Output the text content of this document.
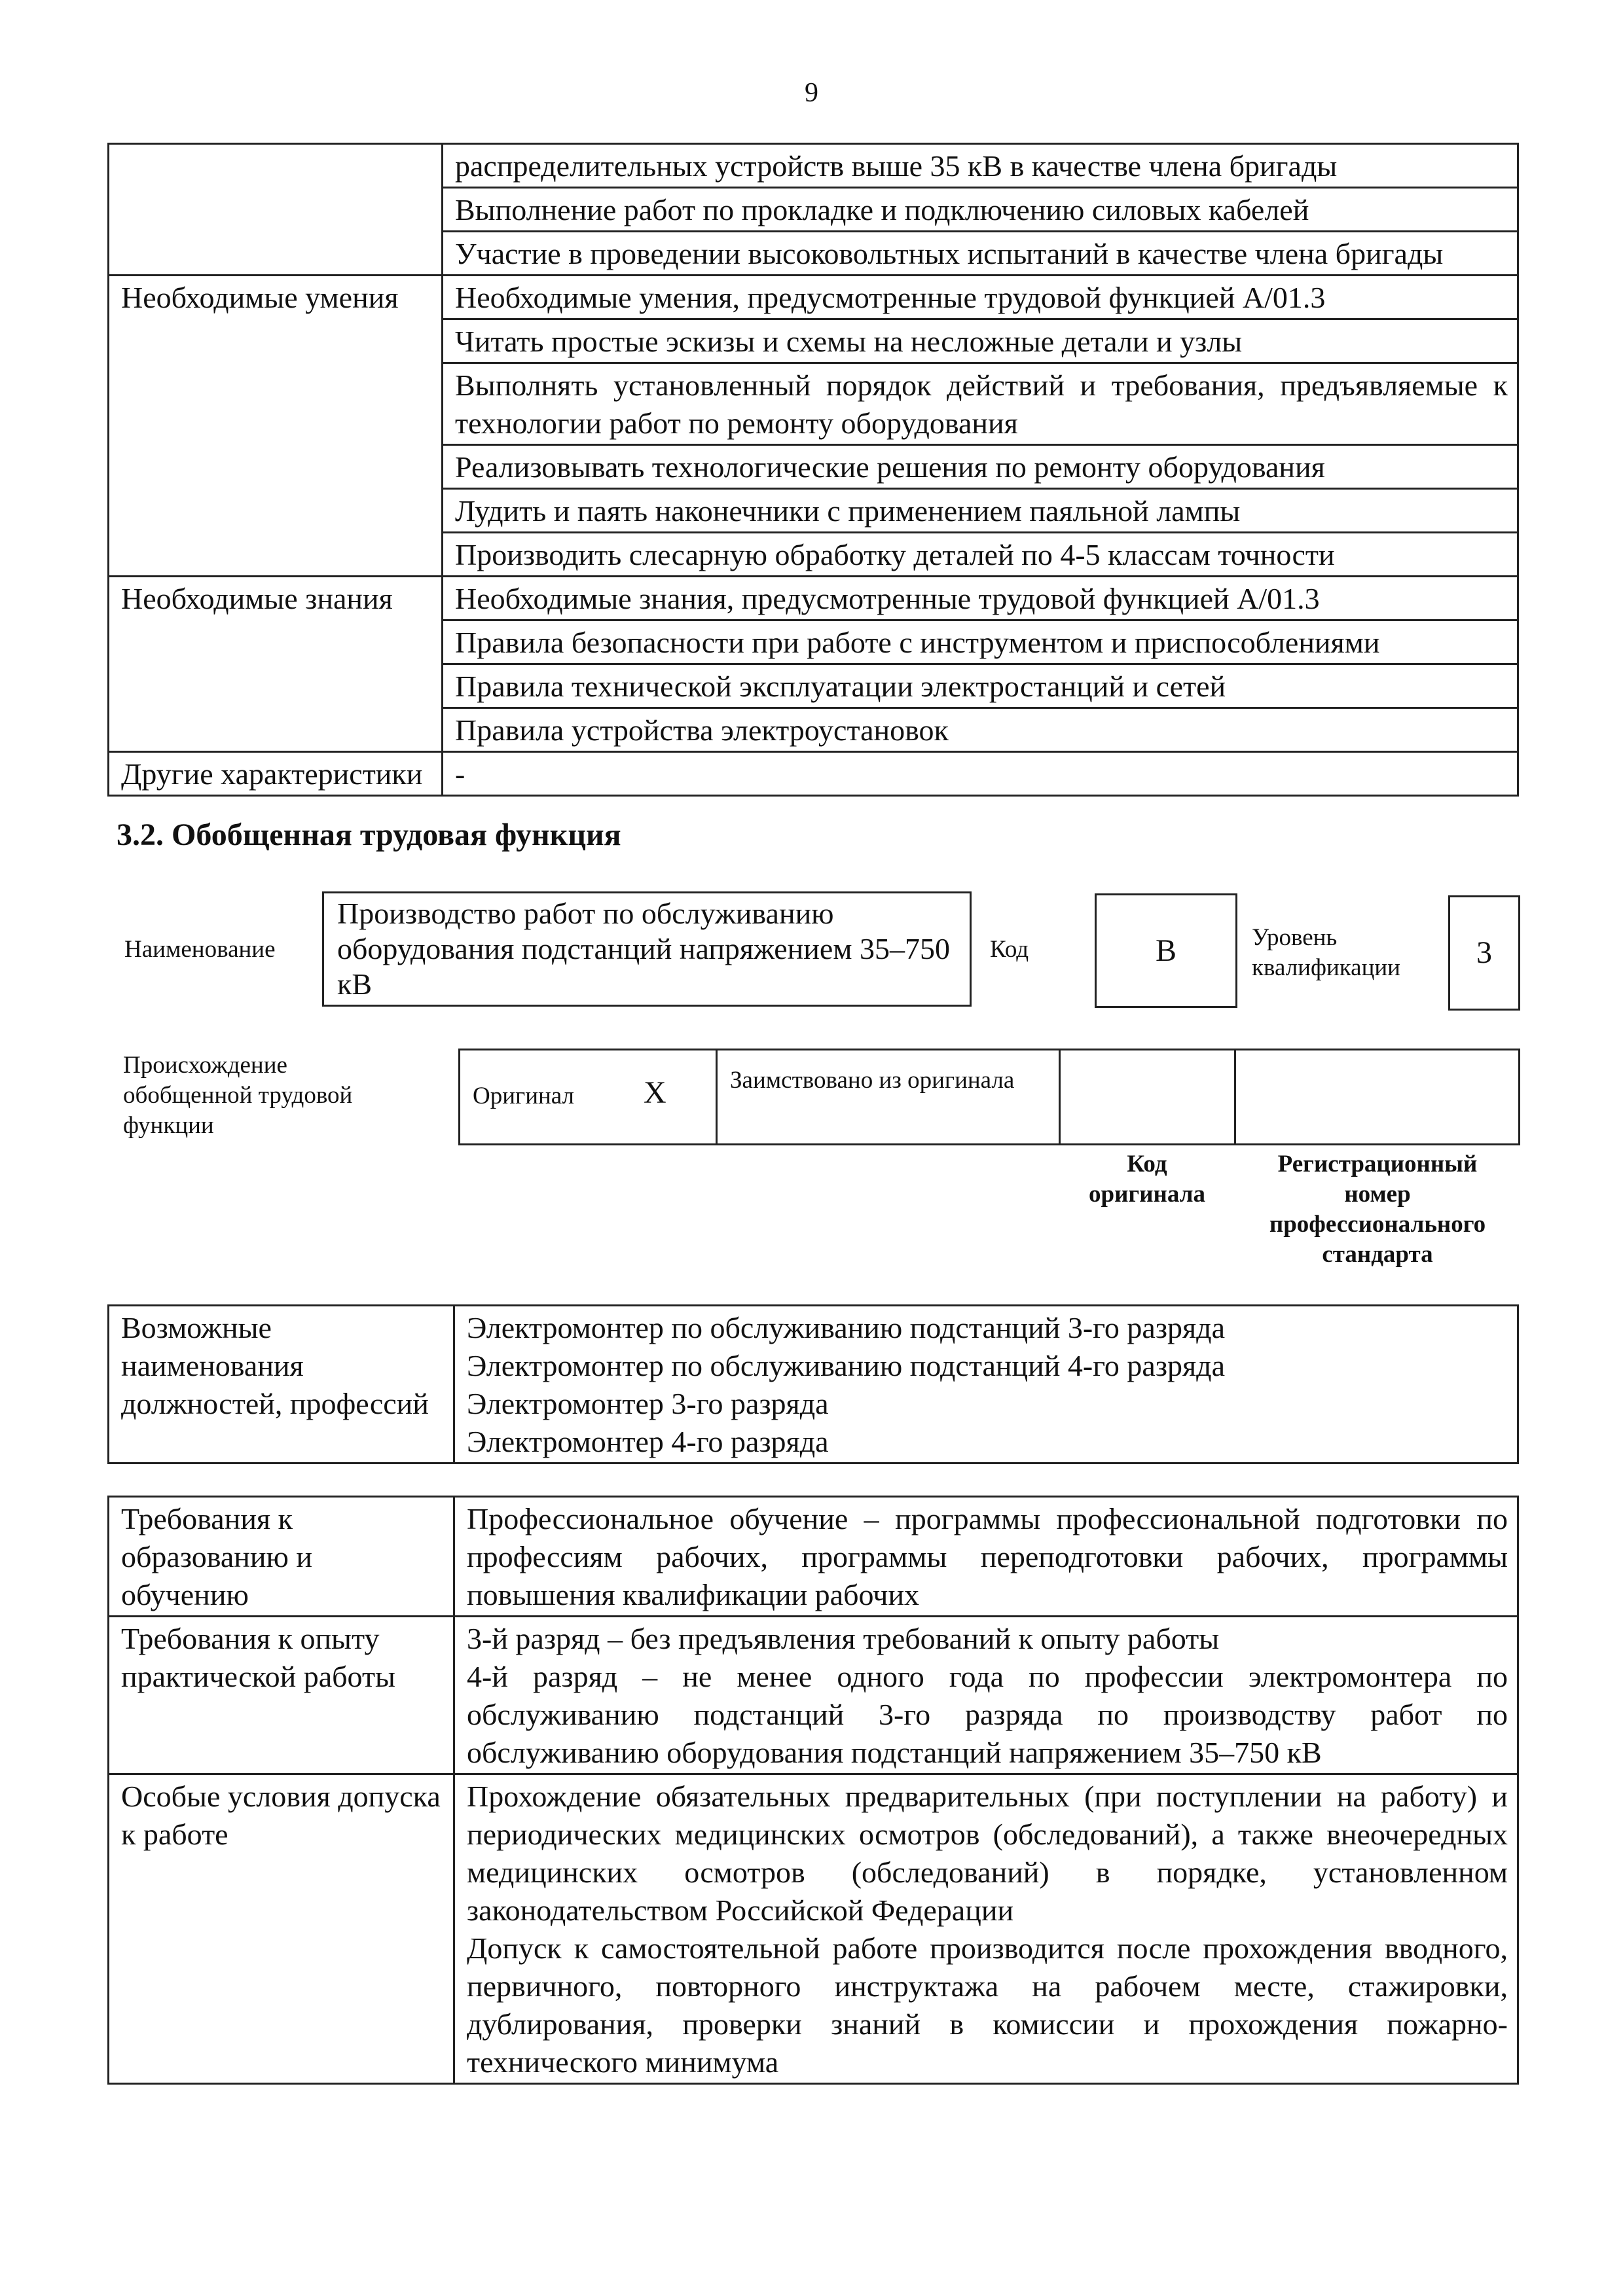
9
	распределительных устройств выше 35 кВ в качестве члена бригады
	Выполнение работ по прокладке и подключению силовых кабелей
	Участие в проведении высоковольтных испытаний в качестве члена бригады
Необходимые умения	Необходимые умения, предусмотренные трудовой функцией А/01.3
	Читать простые эскизы и схемы на несложные детали и узлы
	Выполнять установленный порядок действий и требования, предъявляемые к технологии работ по ремонту оборудования
	Реализовывать технологические решения по ремонту оборудования
	Лудить и паять наконечники с применением паяльной лампы
	Производить слесарную обработку деталей по 4-5 классам точности
Необходимые знания	Необходимые знания, предусмотренные трудовой функцией А/01.3
	Правила безопасности при работе с инструментом и приспособлениями
	Правила технической эксплуатации электростанций и сетей
	Правила устройства электроустановок
Другие характеристики	-
3.2. Обобщенная трудовая функция
Наименование
Производство работ по обслуживанию оборудования подстанций напряжением 35–750 кВ
Код	В	Уровень квалификации	3
Происхождение обобщенной трудовой функции
Оригинал Х	Заимствовано из оригинала
Код оригинала
Регистрационный номер профессионального стандарта
Возможные наименования должностей, профессий	
Электромонтер по обслуживанию подстанций 3-го разряда
Электромонтер по обслуживанию подстанций 4-го разряда
Электромонтер 3-го разряда
Электромонтер 4-го разряда
Требования к образованию и обучению	Профессиональное обучение – программы профессиональной подготовки по профессиям рабочих, программы переподготовки рабочих, программы повышения квалификации рабочих
Требования к опыту практической работы	3-й разряд – без предъявления требований к опыту работы
4-й разряд – не менее одного года по профессии электромонтера по обслуживанию подстанций 3-го разряда по производству работ по обслуживанию оборудования подстанций напряжением 35–750 кВ

Особые условия допуска к работе	Прохождение обязательных предварительных (при поступлении на работу) и периодических медицинских осмотров (обследований), а также внеочередных медицинских осмотров (обследований) в порядке, установленном законодательством Российской Федерации
Допуск к самостоятельной работе производится после прохождения вводного, первичного, повторного инструктажа на рабочем месте, стажировки, дублирования, проверки знаний в комиссии и прохождения пожарно-технического минимума
